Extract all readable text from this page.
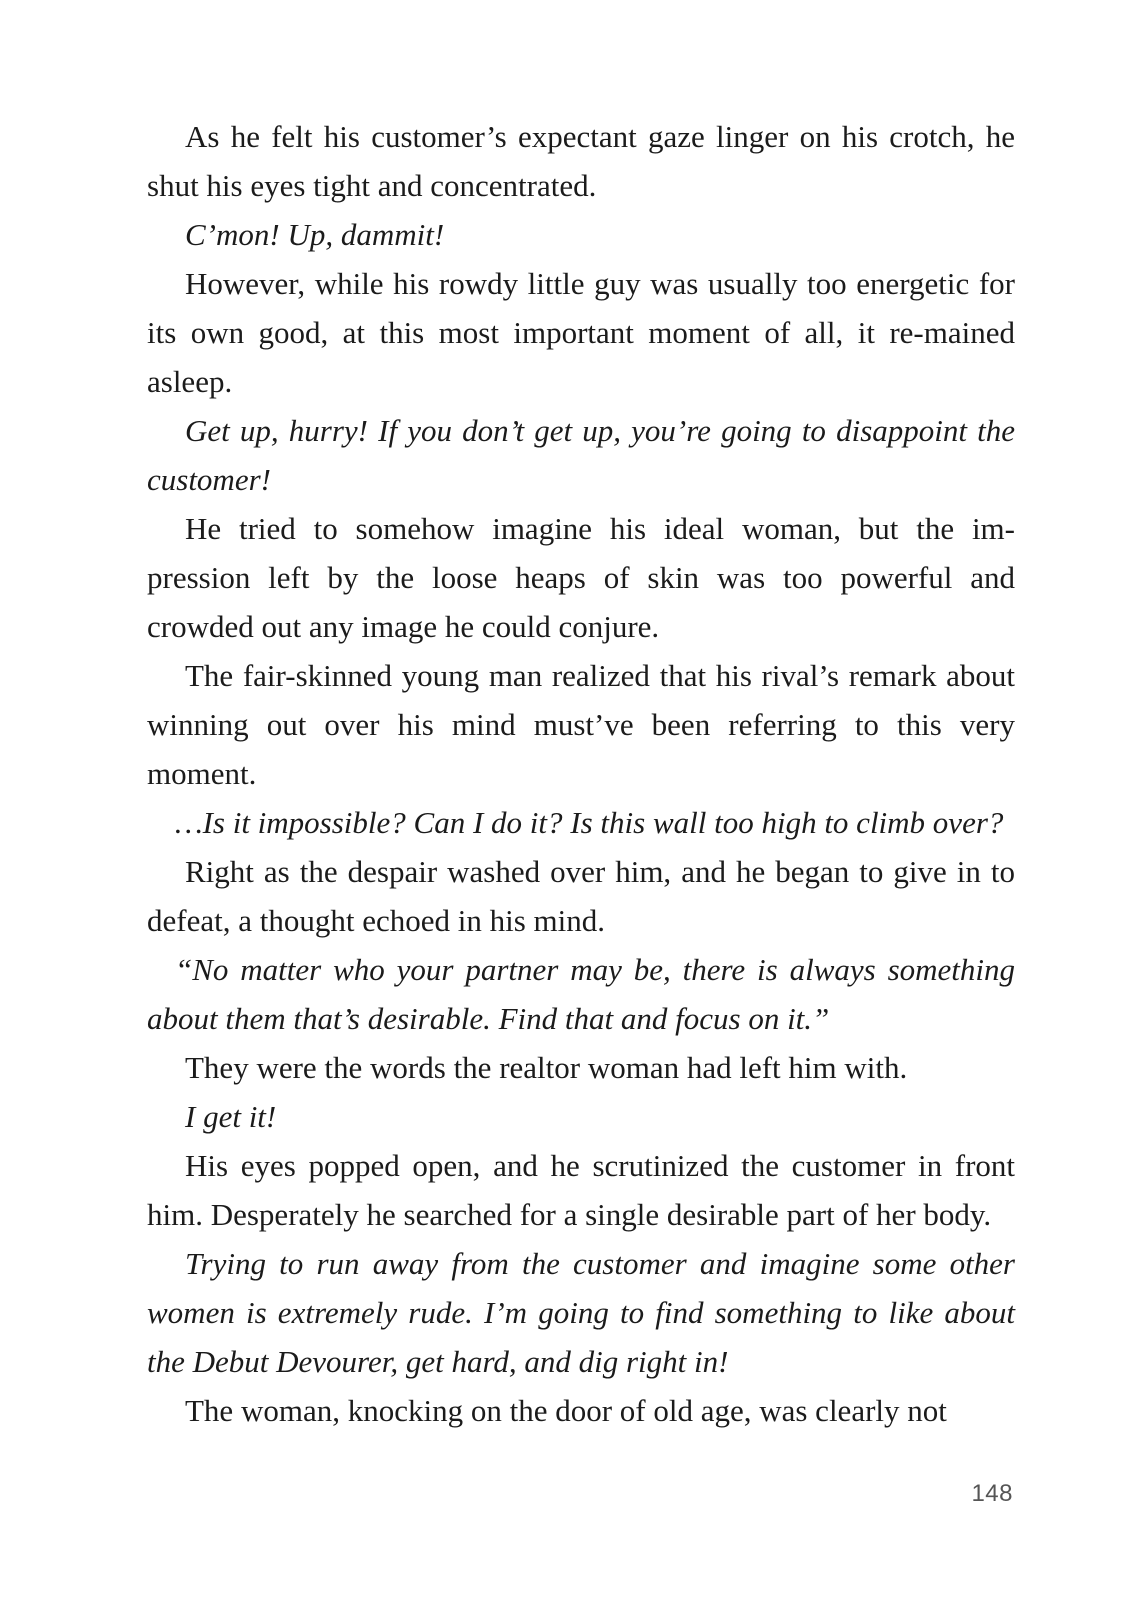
As he felt his customer’s expectant gaze linger on his crotch, he shut his eyes tight and concentrated.

C’mon! Up, dammit!

However, while his rowdy little guy was usually too energetic for its own good, at this most important moment of all, it re-mained asleep.

Get up, hurry! If you don’t get up, you’re going to disappoint the customer!

He tried to somehow imagine his ideal woman, but the im-pression left by the loose heaps of skin was too powerful and crowded out any image he could conjure.

The fair-skinned young man realized that his rival’s remark about winning out over his mind must’ve been referring to this very moment.

…Is it impossible? Can I do it? Is this wall too high to climb over?

Right as the despair washed over him, and he began to give in to defeat, a thought echoed in his mind.

“No matter who your partner may be, there is always something about them that’s desirable. Find that and focus on it.”

They were the words the realtor woman had left him with.

I get it!

His eyes popped open, and he scrutinized the customer in front him. Desperately he searched for a single desirable part of her body.

Trying to run away from the customer and imagine some other women is extremely rude. I’m going to find something to like about the Debut Devourer, get hard, and dig right in!

The woman, knocking on the door of old age, was clearly not

148
